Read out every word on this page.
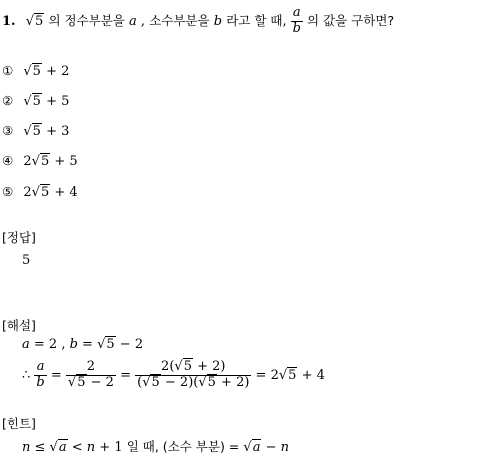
1. √5 의 정수부분을 a , 소수부분을 b 라고 할 때, $\frac{a}{b}$ 의 값을 구하면?
① √5 + 2
② √5 + 5
③ √5 + 3
④ 2√5 + 5
⑤ 2√5 + 4
[정답]
5
[해설]
a = 2 , b = √5 − 2
∴ $\frac{a}{b} = \frac{2}{√5 - 2} = \frac{2(√5 + 2)}{(√5 - 2)(√5 + 2)} = 2√5 + 4$
[힌트]
n ≤ √a < n + 1 일 때, (소수 부분) = √a − n
